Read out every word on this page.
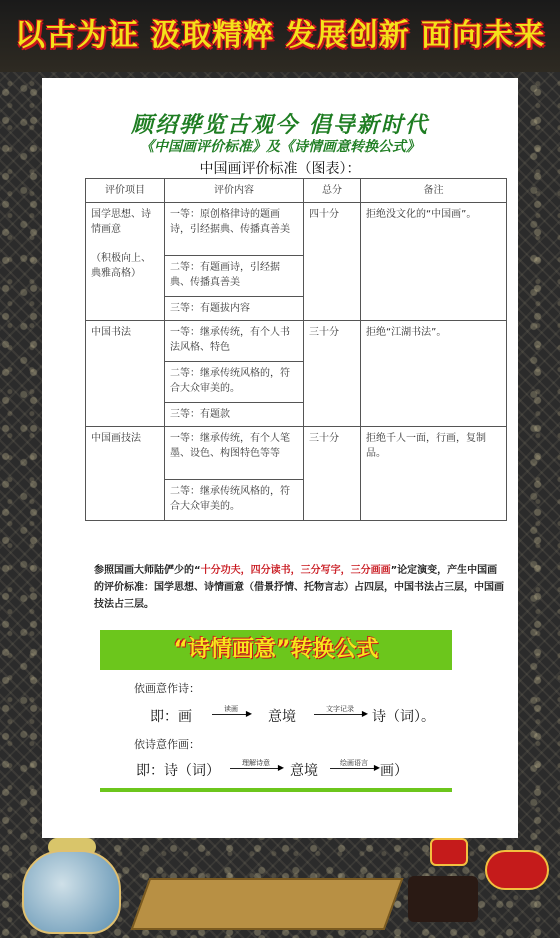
以古为证 汲取精粹 发展创新 面向未来
顾绍骅览古观今 倡导新时代
《中国画评价标准》及《诗情画意转换公式》
中国画评价标准（图表）：
评价项目	评价内容	总分	备注

国学思想、诗情画意
（积极向上、典雅高格）	一等：原创格律诗的题画诗，引经据典、传播真善美	四十分	拒绝没文化的“中国画”。
	二等：有题画诗，引经据典、传播真善美		
	三等：有题拔内容		

中国书法	一等：继承传统，有个人书法风格、特色	三十分	拒绝“江湖书法”。
	二等：继承传统风格的，符合大众审美的。		
	三等：有题款		

中国画技法	一等：继承传统，有个人笔墨、设色、构图特色等等	三十分	拒绝千人一面，行画，复制品。
	二等：继承传统风格的，符合大众审美的。		
参照国画大师陆俨少的“十分功夫，四分读书，三分写字，三分画画”论定演变，产生中国画的评价标准：国学思想、诗情画意（借景抒情、托物言志）占四层，中国书法占三层，中国画技法占三层。
“诗情画意”转换公式
依画意作诗：
即：画	读画 ▶ 意境	文字记录 ▶ 诗（词）。
依诗意作画：
即：诗（词）	理解诗意 ▶ 意境	绘画语言 ▶ 画）
